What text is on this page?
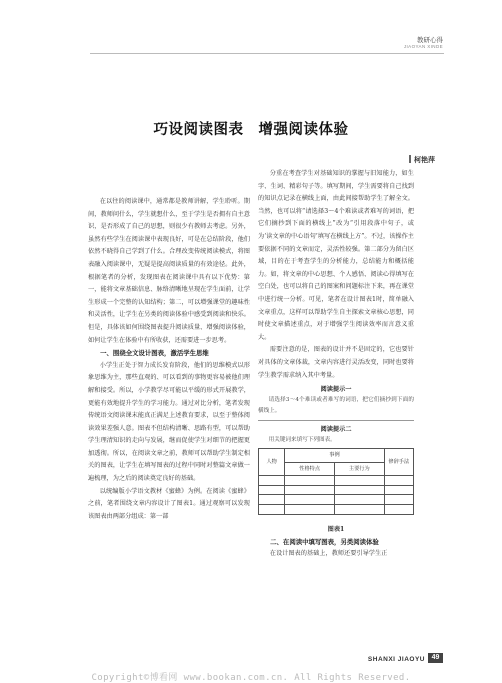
教研心得
JIAOYAN XINDE
巧设阅读图表　增强阅读体验
柯艳萍

在以往的阅读课中，通常都是教师讲解，学生聆听。期间，教师问什么，学生就想什么，至于学生是否拥有自主意识，是否形成了自己的思想，则很少有教师去考虑。另外，虽然有些学生在阅读课中表现良好，可是在总结阶段，他们依然不晓得自己学到了什么。合理改变传统阅读模式，将图表融入阅读课中，无疑是提高阅读质量的有效途径。此外，根据笔者的分析，发现图表在阅读课中具有以下优势：第一，能将文章基础信息、脉络清晰地呈现在学生面前，让学生形成一个完整的认知结构；第二，可以增强课堂的趣味性和灵活性，让学生在另类的阅读体验中感受到阅读和快乐。但是，具体该如何围绕图表提升阅读质量、增强阅读体验，如何让学生在体验中有所收获，还需要进一步思考。

一、围绕全文设计图表，激活学生思维

小学生正处于智力成长发育阶段，他们的思维模式以形象思维为主，那些直观的、可以看到的事物更容易被他们理解和接受。所以，小学教学尽可能以平缓的形式开展教学，更能有效地提升学生的学习能力。通过对比分析，笔者发现传统语文阅读课末能真正满足上述教育要求，以至于整体阅读效果差强人意。图表不但结构清晰、思路有型，可以帮助学生理清知识的走向与发展，继而促使学生对细节的把握更加透彻。所以，在阅读文章之前，教师可以帮助学生制定相关的图表，让学生在填写图表的过程中同时对整篇文章做一遍梳理，为之后的阅读奠定良好的基础。

以统编版小学语文教材《蜜蜂》为例。在阅读《蜜蜂》之前，笔者围绕文章内容设计了图表1。通过观察可以发现该图表由两部分组成：第一部

分重在考查学生对基础知识的掌握与旧知能力，如生字、生词、精彩句子等。填写期间，学生需要将自己找到的知识点记录在横线上面，由此间接帮助学生了解全文。当然，也可以将“请选择3～4个难读或者难写的词语，把它们摘抄到下面的横线上”改为“引用段落中句子，或为‘读文章的中心语句’填写在横线上方”。不过，该操作主要依据不同的文章而定，灵活性较强。第二部分为留白区域，目的在于考查学生的分析能力，总结能力和概括能力。如，将文章的中心思想、个人感悟、阅读心得填写在空白处，也可以将自己的图案和问题标注下来，再在课堂中进行统一分析。可见，笔者在设计图表1时，简单融入文章重点，这样可以帮助学生自主探索文章核心思想，同时使文章描述重点，对于增强学生阅读效率而言意义重大。

需要注意的是，图表的设计并不是固定的，它也要针对具体的文章体裁，文章内容进行灵活改变，同时也要将学生教学需求纳入其中考量。

阅读提示一

请选择3～4个难读或者难写的词语，把它们摘抄到下面的横线上。

阅读提示二

用关键词来填写下列图表。

人物	事例		修辞手法
	性格特点	主要行为	

图表1
二、在阅读中填写图表，另类阅读体验

在设计图表的基础上，教师还要引导学生正

SHANXI JIAOYU 49
Copyright©博看网 www.bookan.com.cn. All Rights Reserved.
